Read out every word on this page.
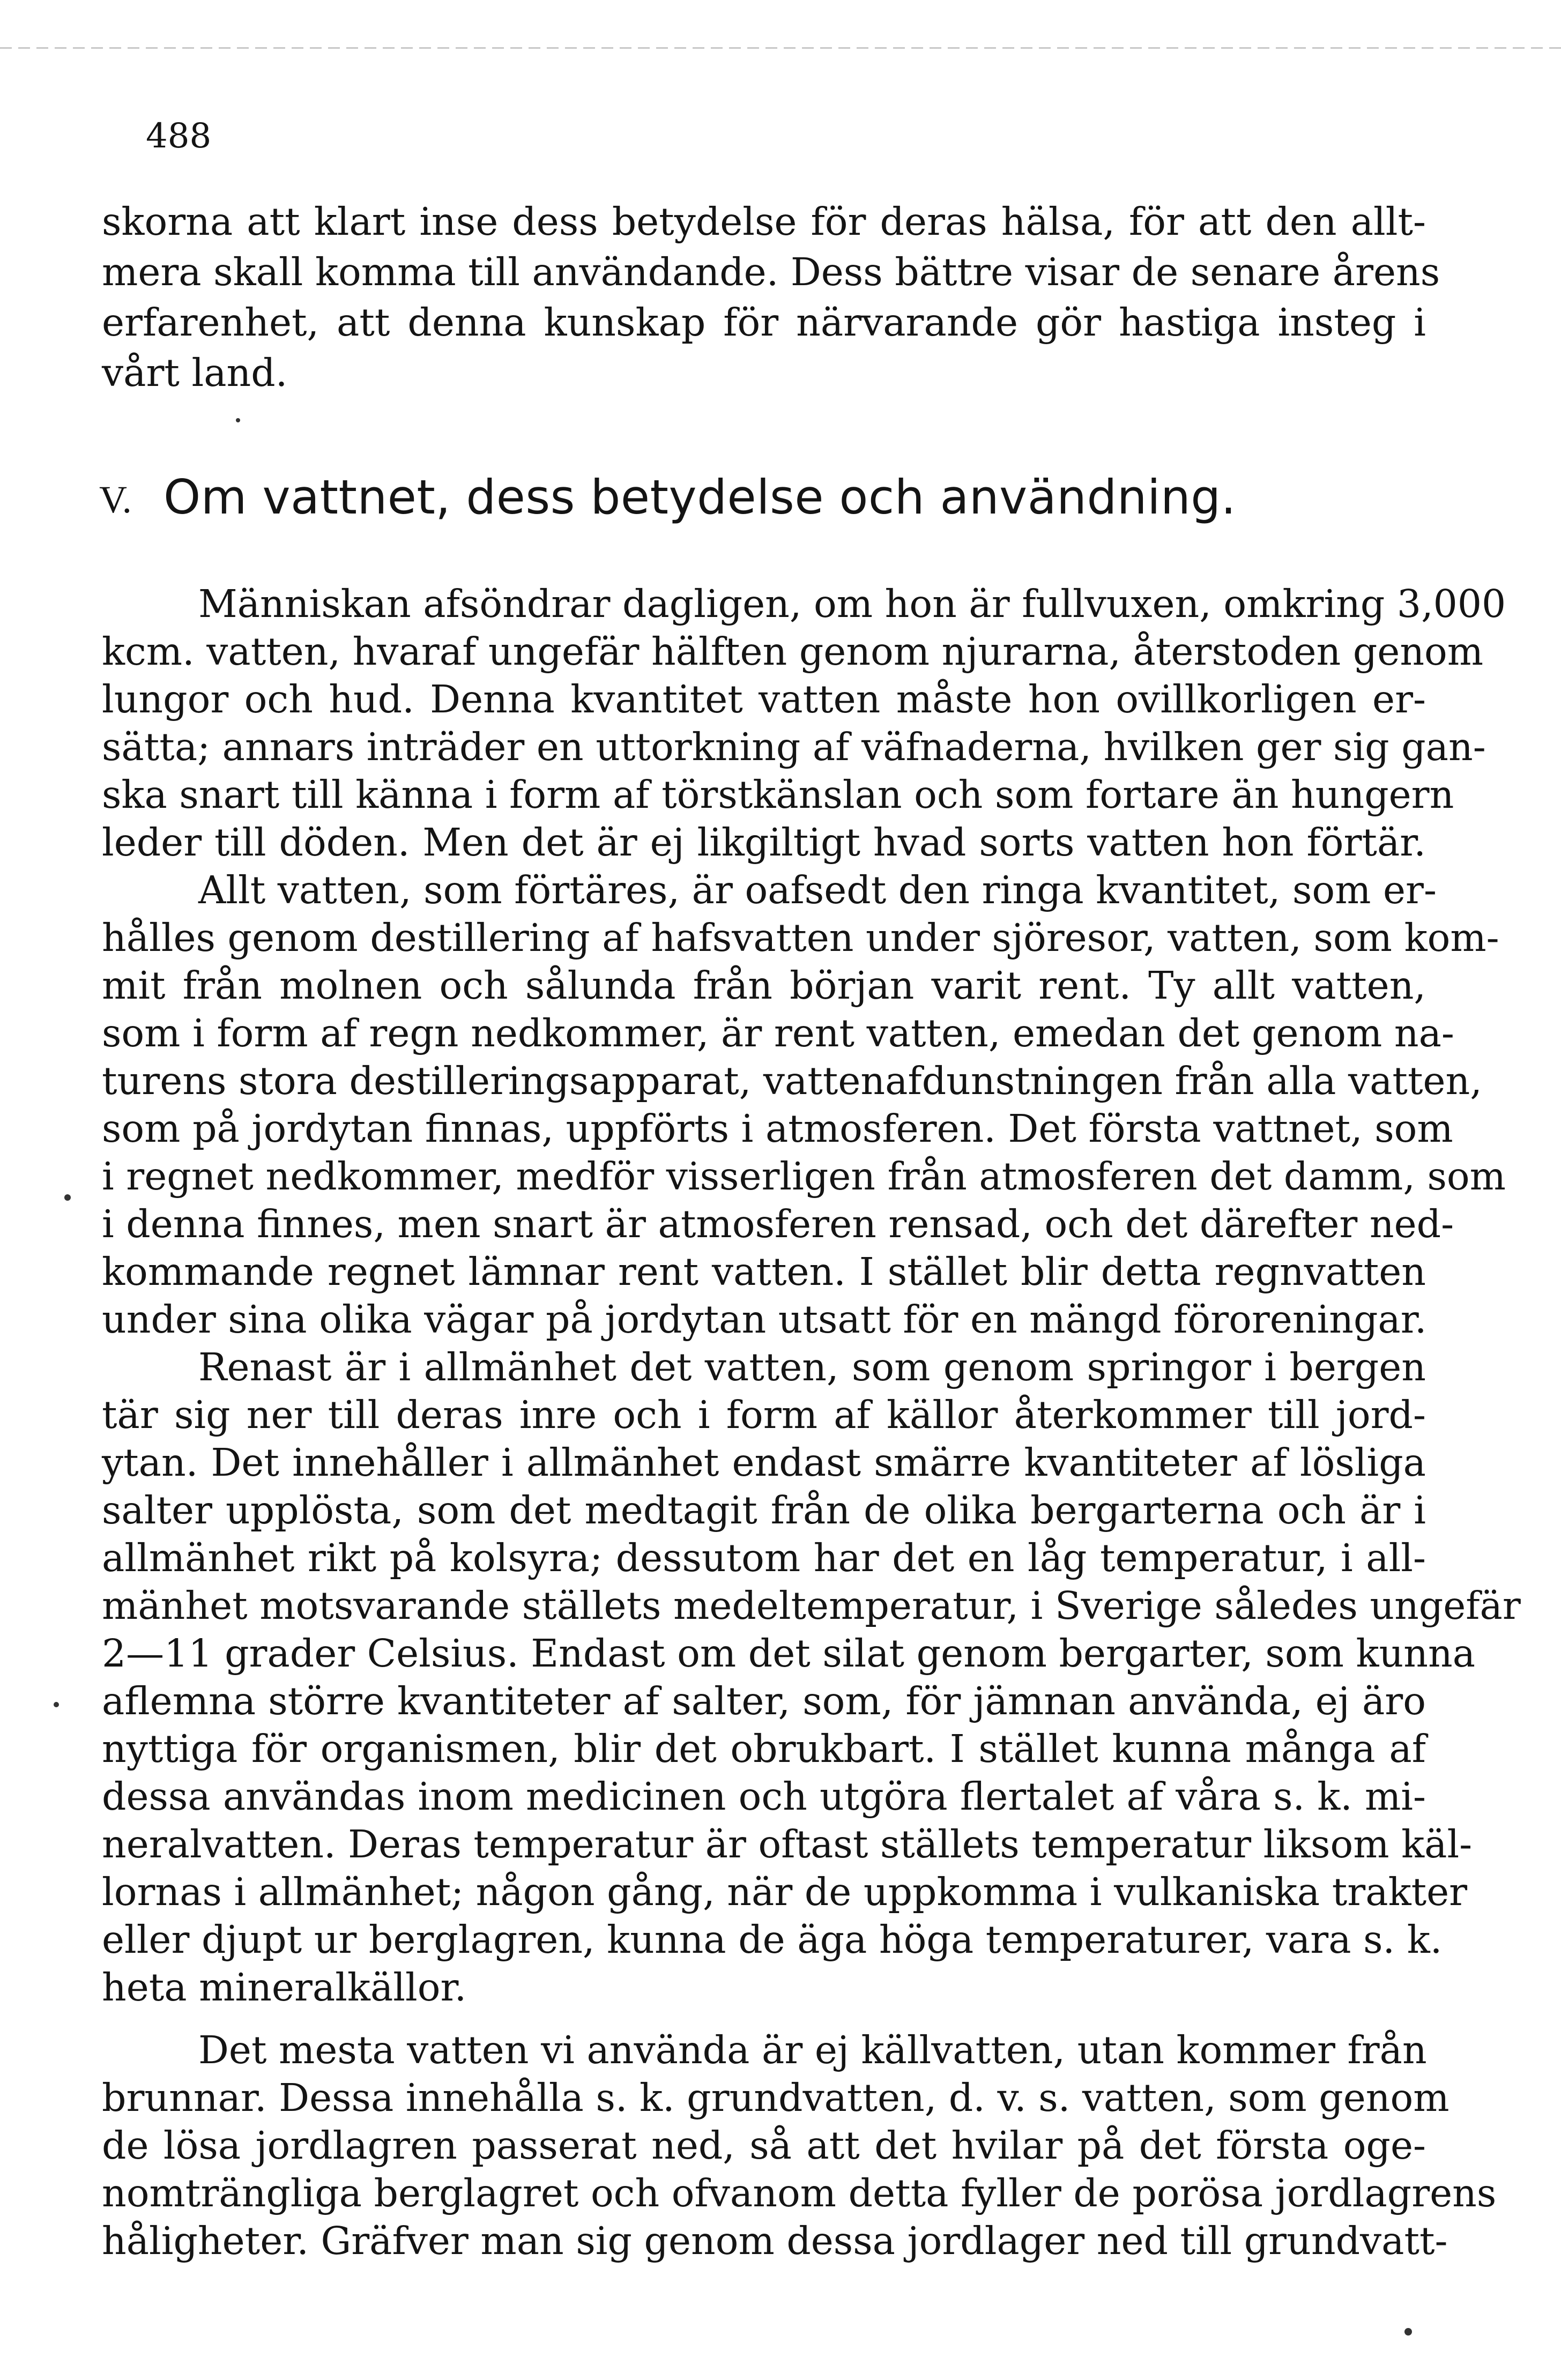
488
skorna att klart inse dess betydelse för deras hälsa, för att den allt-
mera skall komma till användande. Dess bättre visar de senare årens
erfarenhet, att denna kunskap för närvarande gör hastiga insteg i
vårt land.
V. Om vattnet, dess betydelse och användning.
Människan afsöndrar dagligen, om hon är fullvuxen, omkring 3,000
kcm. vatten, hvaraf ungefär hälften genom njurarna, återstoden genom
lungor och hud. Denna kvantitet vatten måste hon ovillkorligen er-
sätta; annars inträder en uttorkning af väfnaderna, hvilken ger sig gan-
ska snart till känna i form af törstkänslan och som fortare än hungern
leder till döden. Men det är ej likgiltigt hvad sorts vatten hon förtär.
Allt vatten, som förtäres, är oafsedt den ringa kvantitet, som er-
hålles genom destillering af hafsvatten under sjöresor, vatten, som kom-
mit från molnen och sålunda från början varit rent. Ty allt vatten,
som i form af regn nedkommer, är rent vatten, emedan det genom na-
turens stora destilleringsapparat, vattenafdunstningen från alla vatten,
som på jordytan finnas, uppförts i atmosferen. Det första vattnet, som
i regnet nedkommer, medför visserligen från atmosferen det damm, som
i denna finnes, men snart är atmosferen rensad, och det därefter ned-
kommande regnet lämnar rent vatten. I stället blir detta regnvatten
under sina olika vägar på jordytan utsatt för en mängd föroreningar.
Renast är i allmänhet det vatten, som genom springor i bergen
tär sig ner till deras inre och i form af källor återkommer till jord-
ytan. Det innehåller i allmänhet endast smärre kvantiteter af lösliga
salter upplösta, som det medtagit från de olika bergarterna och är i
allmänhet rikt på kolsyra; dessutom har det en låg temperatur, i all-
mänhet motsvarande ställets medeltemperatur, i Sverige således ungefär
2—11 grader Celsius. Endast om det silat genom bergarter, som kunna
aflemna större kvantiteter af salter, som, för jämnan använda, ej äro
nyttiga för organismen, blir det obrukbart. I stället kunna många af
dessa användas inom medicinen och utgöra flertalet af våra s. k. mi-
neralvatten. Deras temperatur är oftast ställets temperatur liksom käl-
lornas i allmänhet; någon gång, när de uppkomma i vulkaniska trakter
eller djupt ur berglagren, kunna de äga höga temperaturer, vara s. k.
heta mineralkällor.
Det mesta vatten vi använda är ej källvatten, utan kommer från
brunnar. Dessa innehålla s. k. grundvatten, d. v. s. vatten, som genom
de lösa jordlagren passerat ned, så att det hvilar på det första oge-
nomträngliga berglagret och ofvanom detta fyller de porösa jordlagrens
håligheter. Gräfver man sig genom dessa jordlager ned till grundvatt-
